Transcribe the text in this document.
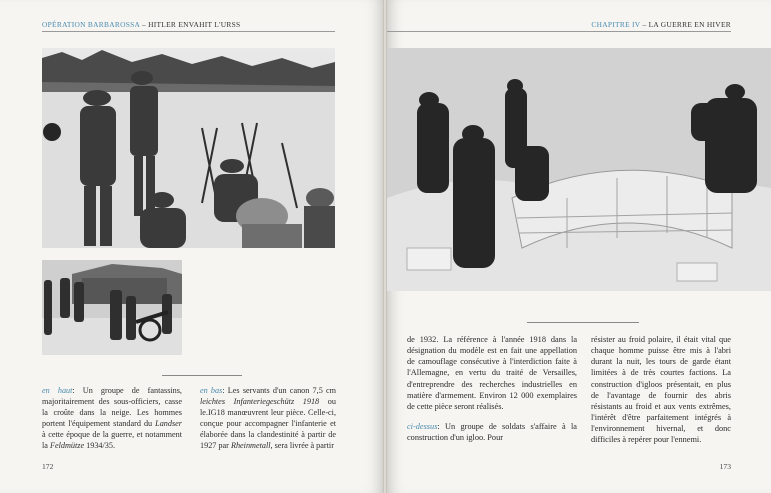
OPÉRATION BARBAROSSA – HITLER ENVAHIT L'URSS
en haut: Un groupe de fantassins, majoritairement des sous-officiers, casse la croûte dans la neige. Les hommes portent l'équipement standard du Landser à cette époque de la guerre, et notamment la Feldmütze 1934/35.
en bas: Les servants d'un canon 7,5 cm leichtes Infanteriegeschütz 1918 ou le.IG18 manœuvrent leur pièce. Celle-ci, conçue pour accompagner l'infanterie et élaborée dans la clandestinité à partir de 1927 par Rheinmetall, sera livrée à partir
172
CHAPITRE IV – LA GUERRE EN HIVER
de 1932. La référence à l'année 1918 dans la désignation du modèle est en fait une appellation de camouflage consécutive à l'interdiction faite à l'Allemagne, en vertu du traité de Versailles, d'entreprendre des recherches industrielles en matière d'armement. Environ 12 000 exemplaires de cette pièce seront réalisés.
ci-dessus: Un groupe de soldats s'affaire à la construction d'un igloo. Pour
résister au froid polaire, il était vital que chaque homme puisse être mis à l'abri durant la nuit, les tours de garde étant limitées à de très courtes factions. La construction d'igloos présentait, en plus de l'avantage de fournir des abris résistants au froid et aux vents extrêmes, l'intérêt d'être parfaitement intégrés à l'environnement hivernal, et donc difficiles à repérer pour l'ennemi.
173
